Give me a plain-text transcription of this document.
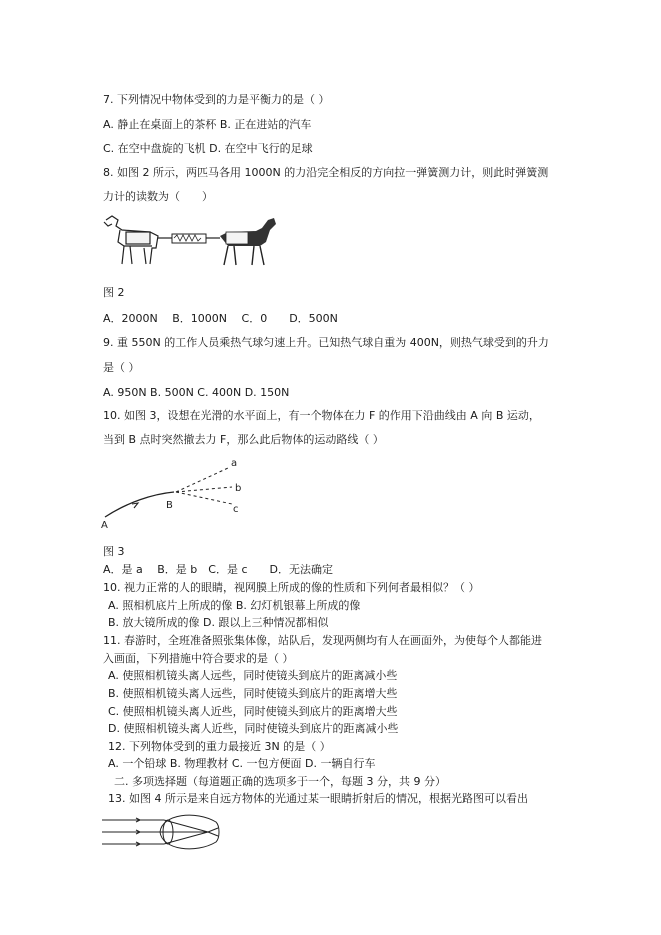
7. 下列情况中物体受到的力是平衡力的是（ ）
A. 静止在桌面上的茶杯 B. 正在进站的汽车
C. 在空中盘旋的飞机 D. 在空中飞行的足球
8. 如图 2 所示，两匹马各用 1000N 的力沿完全相反的方向拉一弹簧测力计，则此时弹簧测
力计的读数为（　　）
图 2
A．2000N　 B．1000N　 C．0　　D．500N
9. 重 550N 的工作人员乘热气球匀速上升。已知热气球自重为 400N，则热气球受到的升力
是（ ）
A. 950N B. 500N C. 400N D. 150N
10. 如图 3，设想在光滑的水平面上，有一个物体在力 F 的作用下沿曲线由 A 向 B 运动，
当到 B 点时突然撤去力 F，那么此后物体的运动路线（ ）
A
B
a
b
c
图 3
A．是 a　 B．是 b　C．是 c　　D．无法确定
10. 视力正常的人的眼睛，视网膜上所成的像的性质和下列何者最相似？（ ）
A. 照相机底片上所成的像 B. 幻灯机银幕上所成的像
B. 放大镜所成的像 D. 跟以上三种情况都相似
11. 春游时，全班准备照张集体像，站队后，发现两侧均有人在画面外，为使每个人都能进
入画面，下列措施中符合要求的是（ ）
A. 使照相机镜头离人远些，同时使镜头到底片的距离减小些
B. 使照相机镜头离人远些，同时使镜头到底片的距离增大些
C. 使照相机镜头离人近些，同时使镜头到底片的距离增大些
D. 使照相机镜头离人近些，同时使镜头到底片的距离减小些
12. 下列物体受到的重力最接近 3N 的是（ ）
A. 一个铅球 B. 物理教材 C. 一包方便面 D. 一辆自行车
二. 多项选择题（每道题正确的选项多于一个，每题 3 分，共 9 分）
13. 如图 4 所示是来自远方物体的光通过某一眼睛折射后的情况，根据光路图可以看出
